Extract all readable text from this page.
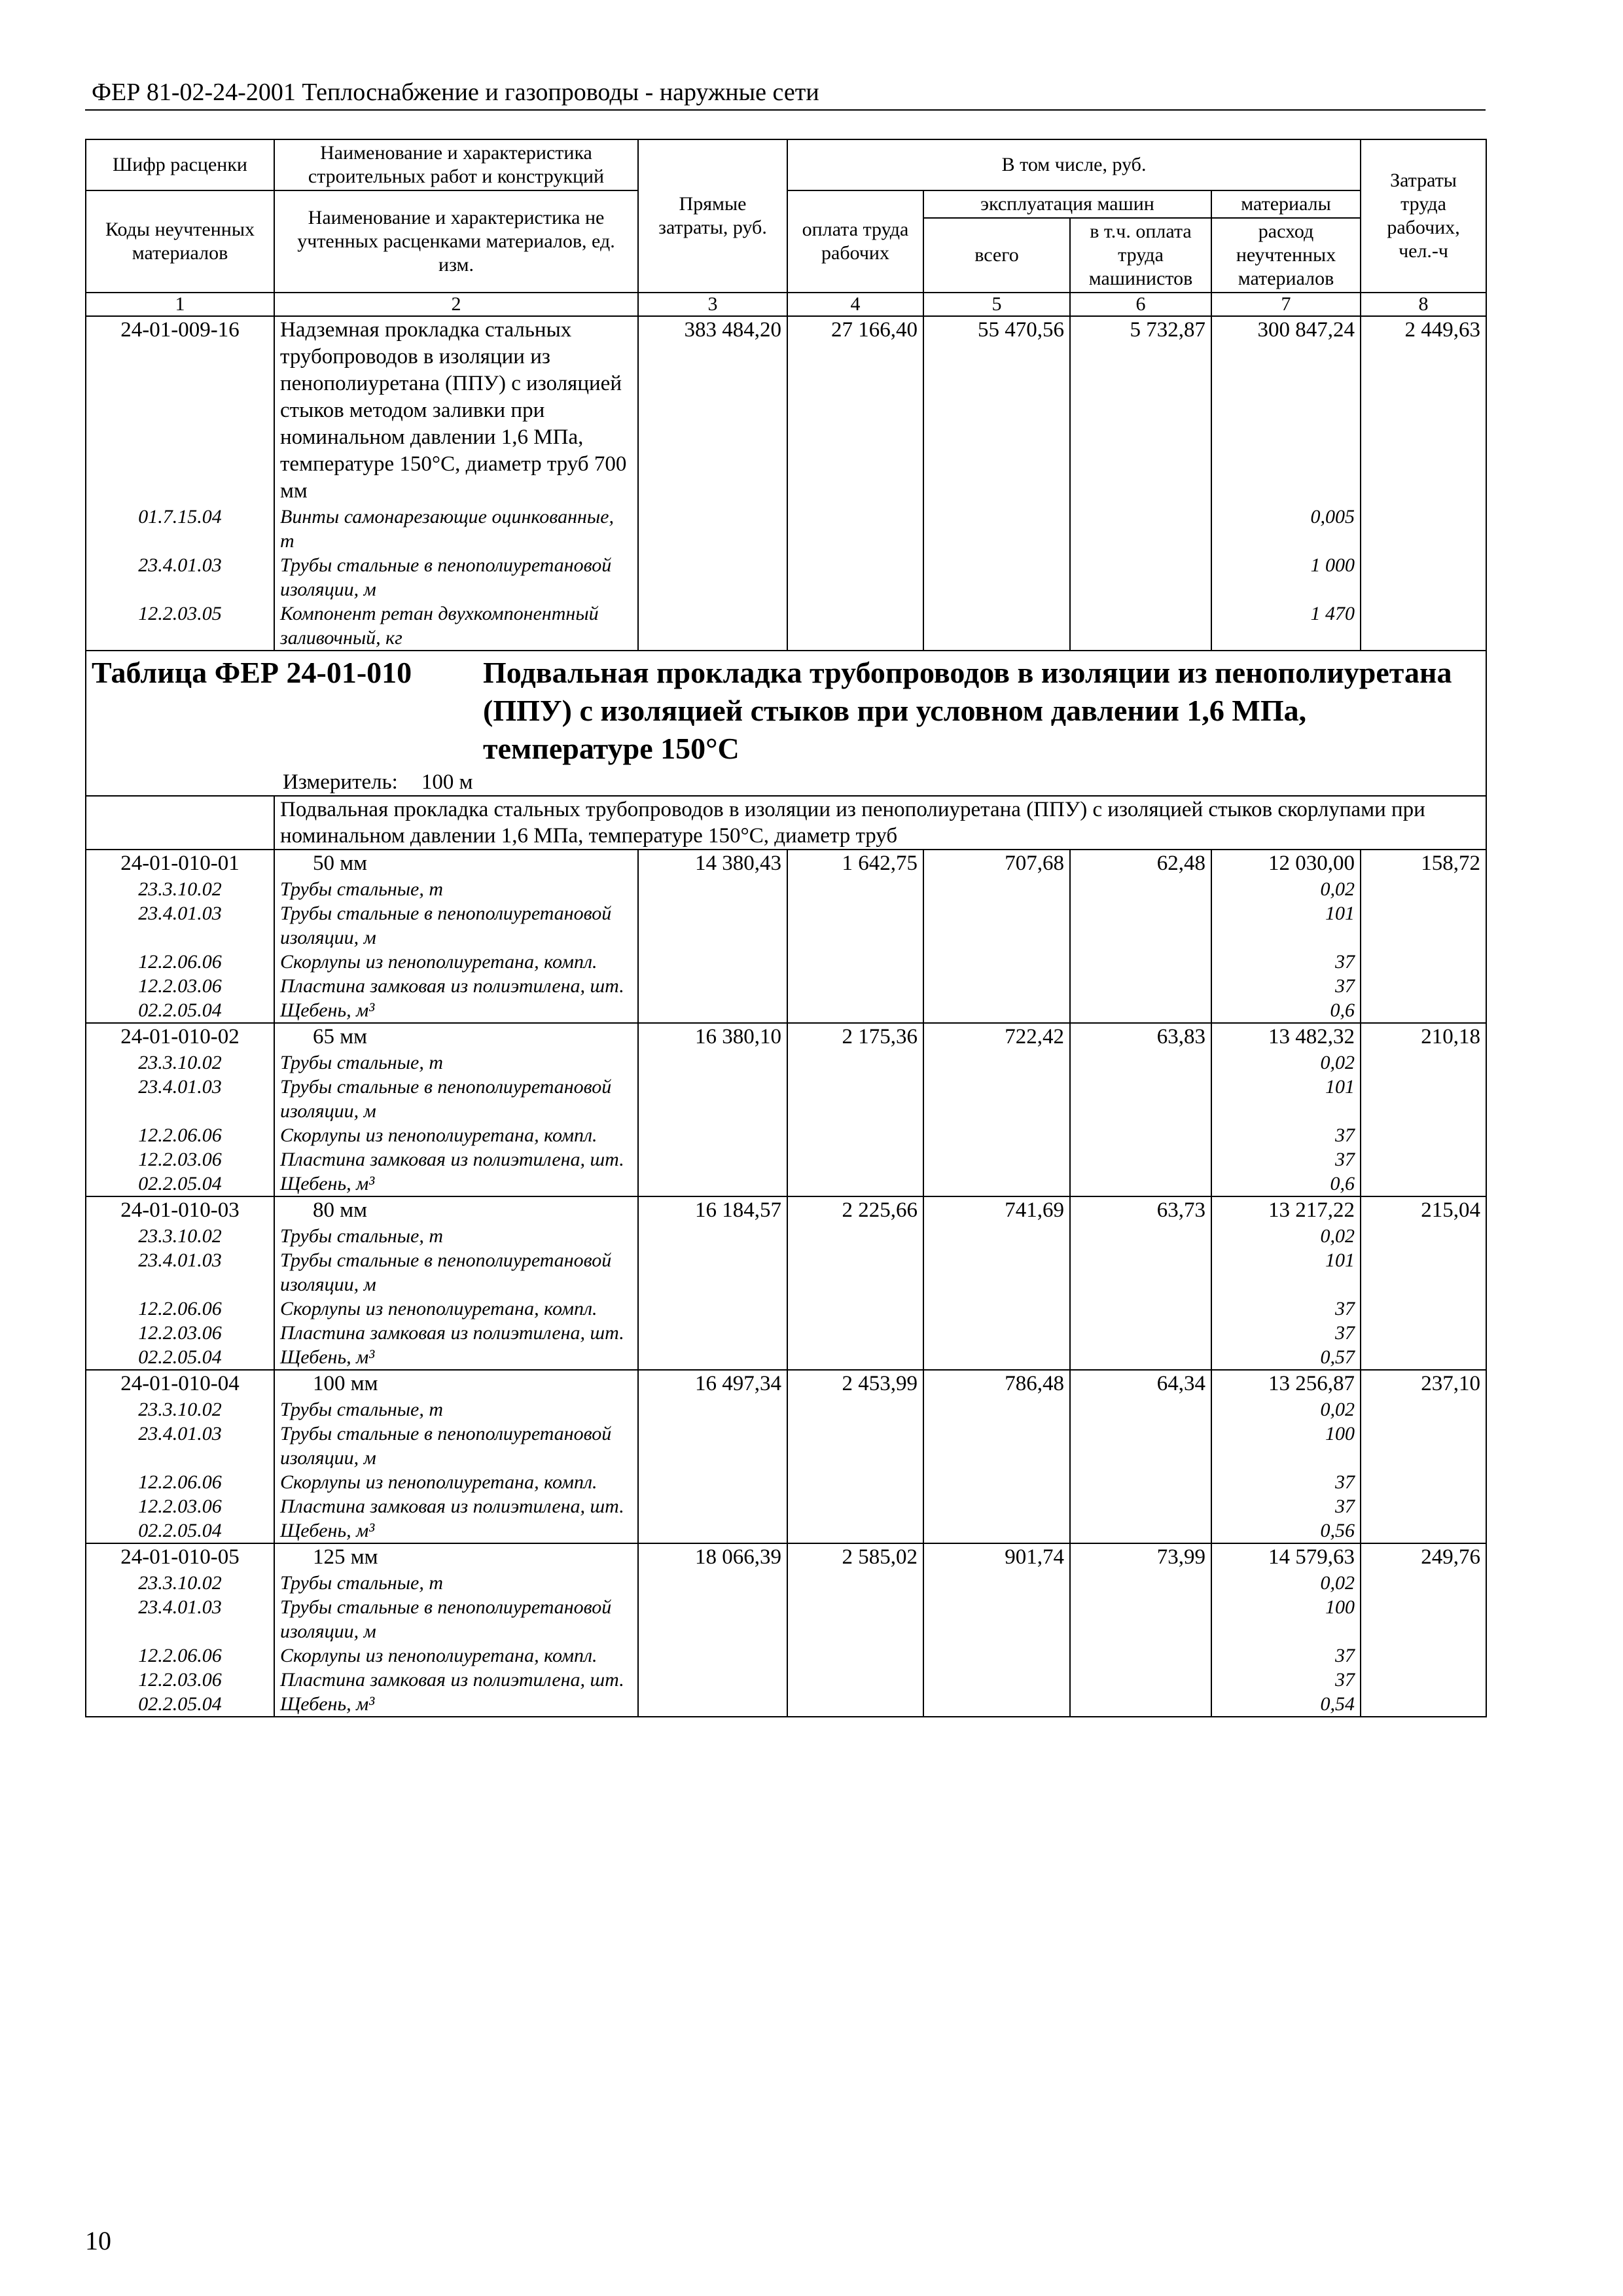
ФЕР 81-02-24-2001 Теплоснабжение и газопроводы - наружные сети
Шифр расценки	Наименование и характеристика строительных работ и конструкций	Прямые затраты, руб.	В том числе, руб.				Затраты труда рабочих, чел.-ч
Коды неучтенных материалов	Наименование и характеристика не учтенных расценками материалов, ед. изм.		оплата труда рабочих	эксплуатация машин		материалы	
				всего	в т.ч. оплата труда машинистов	расход неучтенных материалов	
1	2	3	4	5	6	7	8
24-01-009-16	Надземная прокладка стальных трубопроводов в изоляции из пенополиуретана (ППУ) с изоляцией стыков методом заливки при номинальном давлении 1,6 МПа, температуре 150°С, диаметр труб 700 мм	383 484,20	27 166,40	55 470,56	5 732,87	300 847,24	2 449,63
01.7.15.04	Винты самонарезающие оцинкованные, т					0,005	
23.4.01.03	Трубы стальные в пенополиуретановой изоляции, м					1 000	
12.2.03.05	Компонент ретан двухкомпонентный заливочный, кг					1 470	

Таблица ФЕР 24-01-010 Подвальная прокладка трубопроводов в изоляции из пенополиуретана (ППУ) с изоляцией стыков при условном давлении 1,6 МПа, температуре 150°С							

Измеритель: 100 м							

	Подвальная прокладка стальных трубопроводов в изоляции из пенополиуретана (ППУ) с изоляцией стыков скорлупами при номинальном давлении 1,6 МПа, температуре 150°С, диаметр труб						
24-01-010-01	50 мм	14 380,43	1 642,75	707,68	62,48	12 030,00	158,72
23.3.10.02	Трубы стальные, т					0,02	
23.4.01.03	Трубы стальные в пенополиуретановой изоляции, м					101	
12.2.06.06	Скорлупы из пенополиуретана, компл.					37	
12.2.03.06	Пластина замковая из полиэтилена, шт.					37	
02.2.05.04	Щебень, м³					0,6	
24-01-010-02	65 мм	16 380,10	2 175,36	722,42	63,83	13 482,32	210,18
23.3.10.02	Трубы стальные, т					0,02	
23.4.01.03	Трубы стальные в пенополиуретановой изоляции, м					101	
12.2.06.06	Скорлупы из пенополиуретана, компл.					37	
12.2.03.06	Пластина замковая из полиэтилена, шт.					37	
02.2.05.04	Щебень, м³					0,6	
24-01-010-03	80 мм	16 184,57	2 225,66	741,69	63,73	13 217,22	215,04
23.3.10.02	Трубы стальные, т					0,02	
23.4.01.03	Трубы стальные в пенополиуретановой изоляции, м					101	
12.2.06.06	Скорлупы из пенополиуретана, компл.					37	
12.2.03.06	Пластина замковая из полиэтилена, шт.					37	
02.2.05.04	Щебень, м³					0,57	
24-01-010-04	100 мм	16 497,34	2 453,99	786,48	64,34	13 256,87	237,10
23.3.10.02	Трубы стальные, т					0,02	
23.4.01.03	Трубы стальные в пенополиуретановой изоляции, м					100	
12.2.06.06	Скорлупы из пенополиуретана, компл.					37	
12.2.03.06	Пластина замковая из полиэтилена, шт.					37	
02.2.05.04	Щебень, м³					0,56	
24-01-010-05	125 мм	18 066,39	2 585,02	901,74	73,99	14 579,63	249,76
23.3.10.02	Трубы стальные, т					0,02	
23.4.01.03	Трубы стальные в пенополиуретановой изоляции, м					100	
12.2.06.06	Скорлупы из пенополиуретана, компл.					37	
12.2.03.06	Пластина замковая из полиэтилена, шт.					37	
02.2.05.04	Щебень, м³					0,54	
10
